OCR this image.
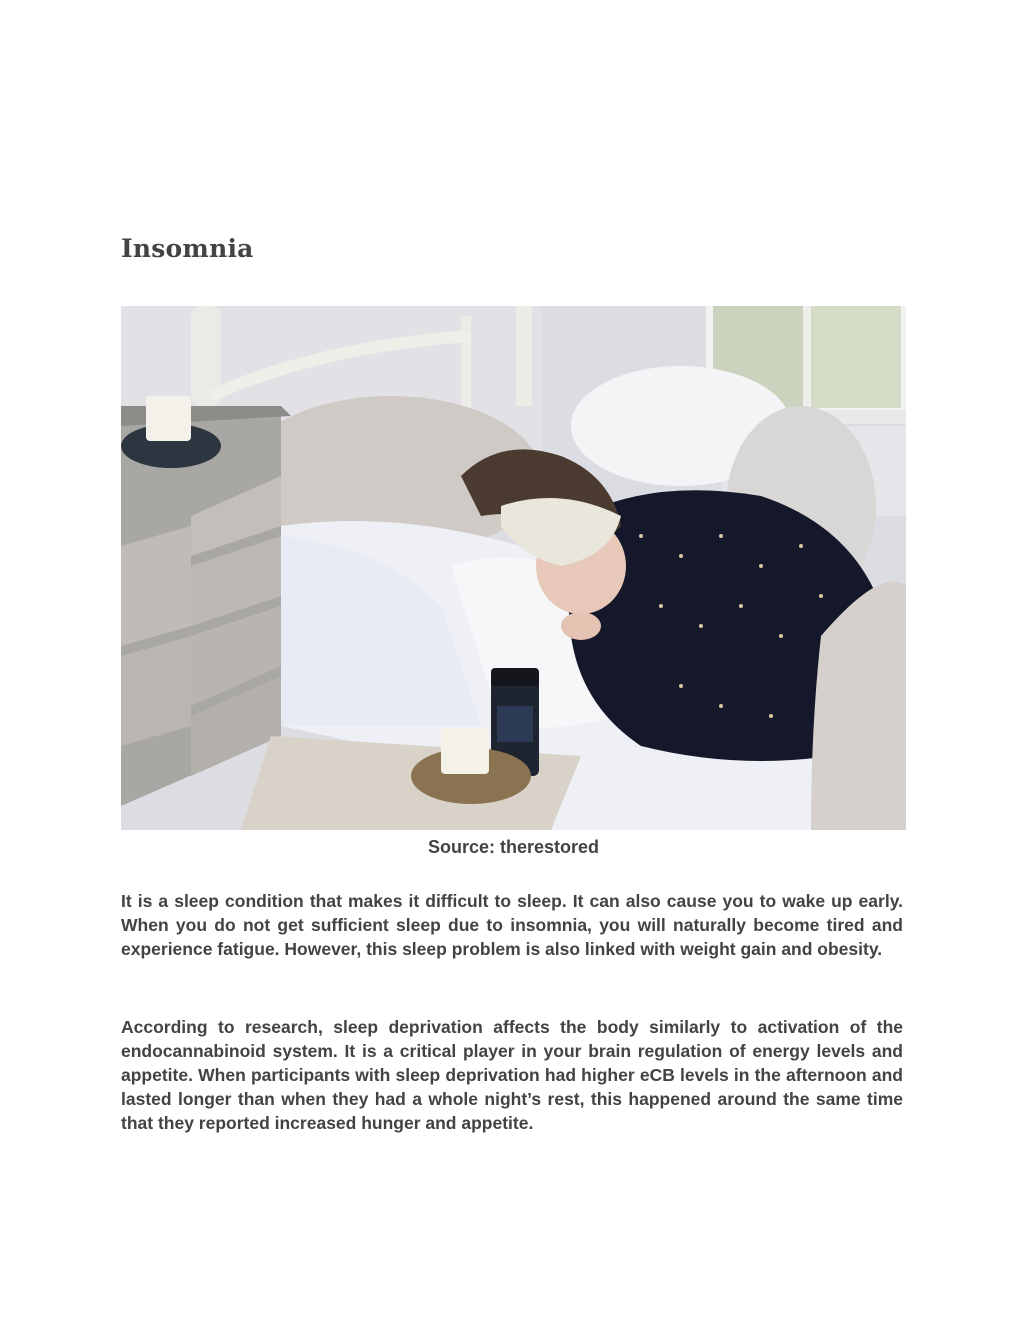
Insomnia

Source: therestored

It is a sleep condition that makes it difficult to sleep. It can also cause you to wake up early. When you do not get sufficient sleep due to insomnia, you will naturally become tired and experience fatigue. However, this sleep problem is also linked with weight gain and obesity.

According to research, sleep deprivation affects the body similarly to activation of the endocannabinoid system. It is a critical player in your brain regulation of energy levels and appetite. When participants with sleep deprivation had higher eCB levels in the afternoon and lasted longer than when they had a whole night’s rest, this happened around the same time that they reported increased hunger and appetite.
